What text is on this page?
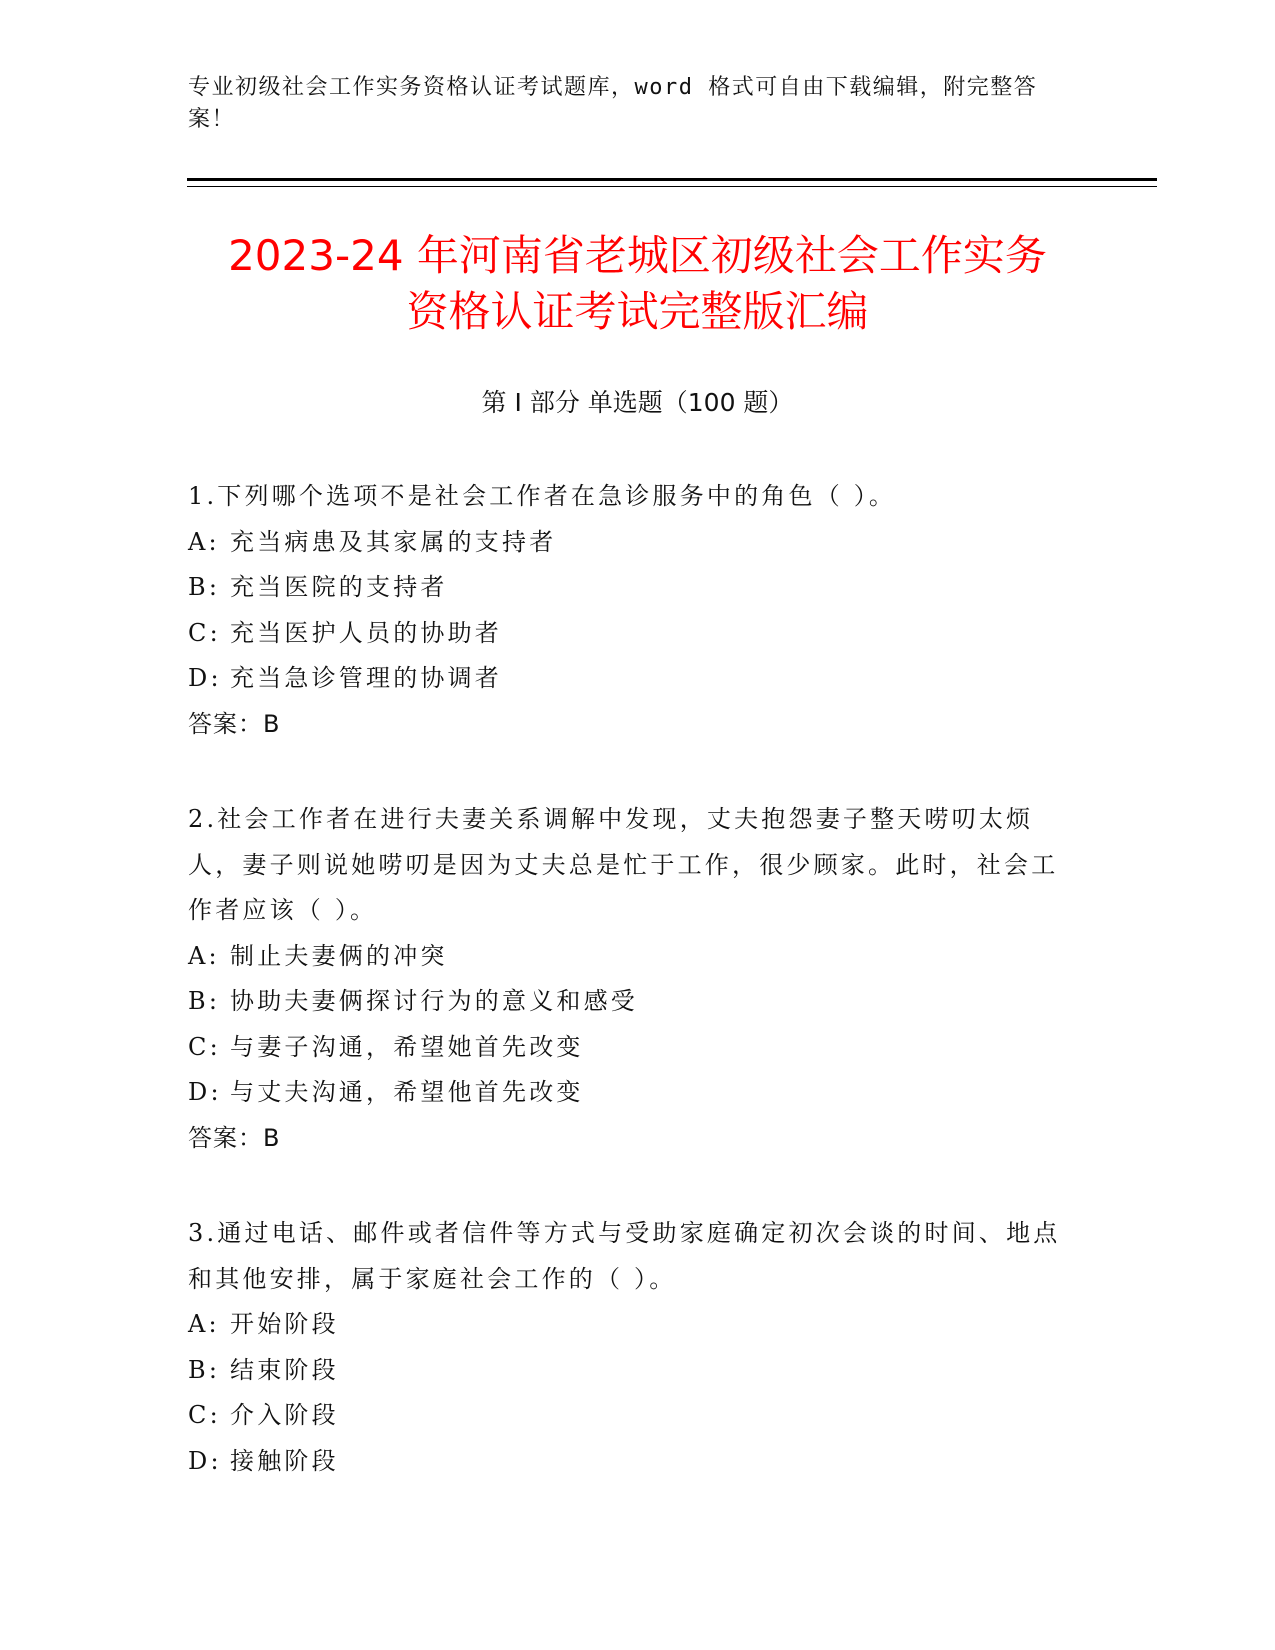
专业初级社会工作实务资格认证考试题库，word 格式可自由下载编辑，附完整答案！
2023-24 年河南省老城区初级社会工作实务
资格认证考试完整版汇编
第 I 部分 单选题（100 题）

1.下列哪个选项不是社会工作者在急诊服务中的角色（ ）。

A: 充当病患及其家属的支持者

B: 充当医院的支持者

C: 充当医护人员的协助者

D: 充当急诊管理的协调者

答案：B

2.社会工作者在进行夫妻关系调解中发现，丈夫抱怨妻子整天唠叨太烦人，妻子则说她唠叨是因为丈夫总是忙于工作，很少顾家。此时，社会工作者应该（ ）。

A: 制止夫妻俩的冲突

B: 协助夫妻俩探讨行为的意义和感受

C: 与妻子沟通，希望她首先改变

D: 与丈夫沟通，希望他首先改变

答案：B

3.通过电话、邮件或者信件等方式与受助家庭确定初次会谈的时间、地点和其他安排，属于家庭社会工作的（ ）。

A: 开始阶段

B: 结束阶段

C: 介入阶段

D: 接触阶段
